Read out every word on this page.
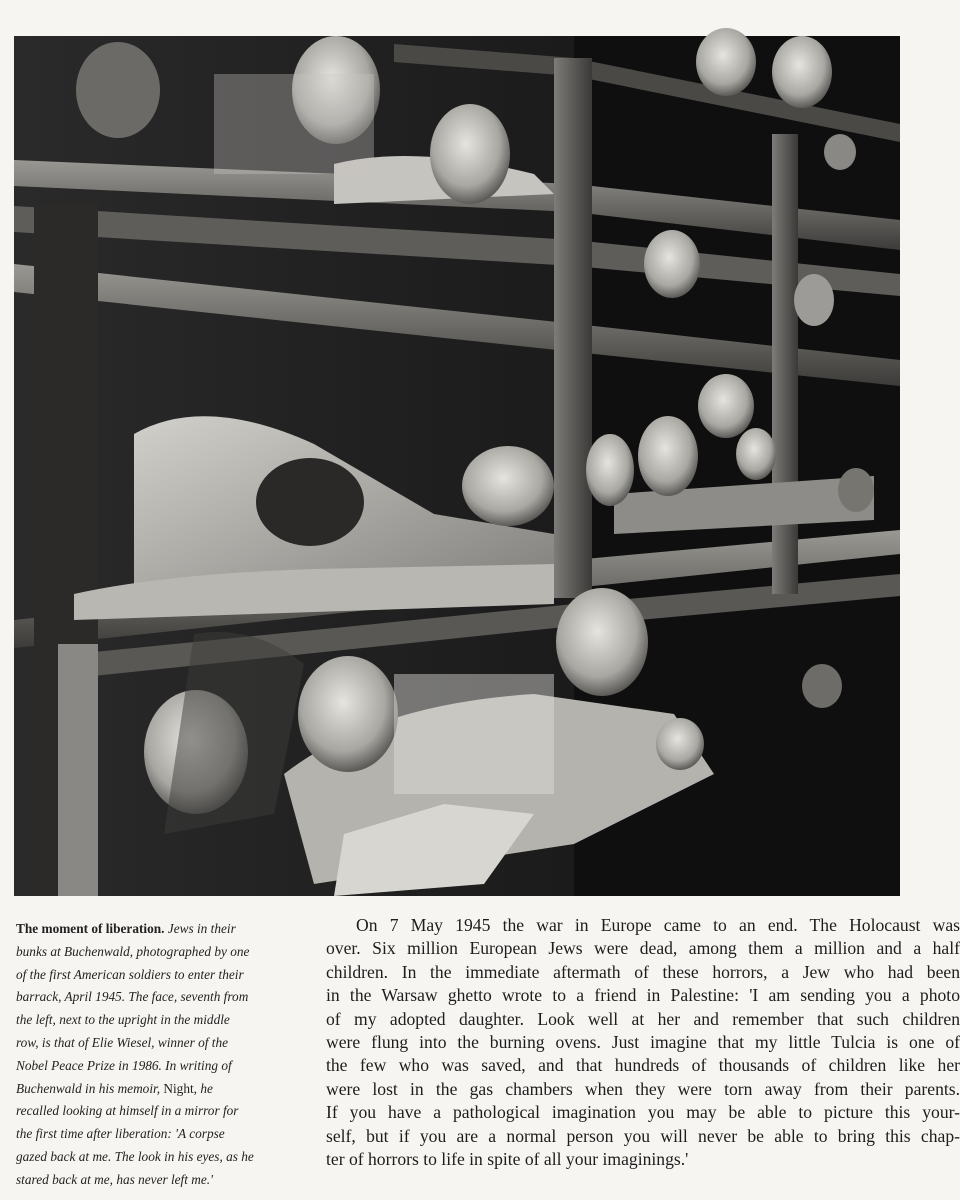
The moment of liberation. Jews in their
bunks at Buchenwald, photographed by one
of the first American soldiers to enter their
barrack, April 1945. The face, seventh from
the left, next to the upright in the middle
row, is that of Elie Wiesel, winner of the
Nobel Peace Prize in 1986. In writing of
Buchenwald in his memoir, Night, he
recalled looking at himself in a mirror for
the first time after liberation: 'A corpse
gazed back at me. The look in his eyes, as he
stared back at me, has never left me.'
On 7 May 1945 the war in Europe came to an end. The Holocaust was
over. Six million European Jews were dead, among them a million and a half
children. In the immediate aftermath of these horrors, a Jew who had been
in the Warsaw ghetto wrote to a friend in Palestine: 'I am sending you a photo
of my adopted daughter. Look well at her and remember that such children
were flung into the burning ovens. Just imagine that my little Tulcia is one of
the few who was saved, and that hundreds of thousands of children like her
were lost in the gas chambers when they were torn away from their parents.
If you have a pathological imagination you may be able to picture this your-
self, but if you are a normal person you will never be able to bring this chap-
ter of horrors to life in spite of all your imaginings.'
